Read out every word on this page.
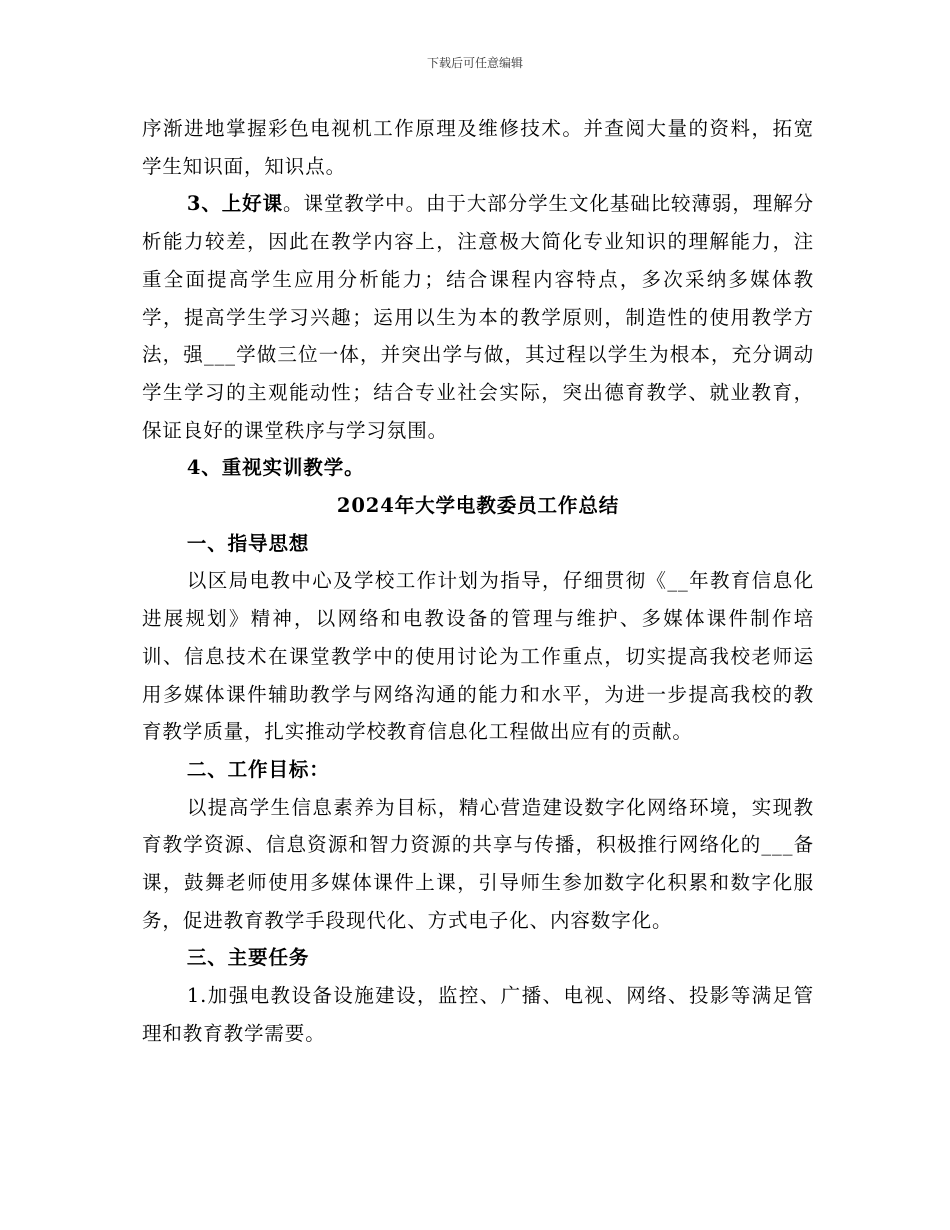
下载后可任意编辑

序渐进地掌握彩色电视机工作原理及维修技术。并查阅大量的资料，拓宽学生知识面，知识点。

3、上好课。课堂教学中。由于大部分学生文化基础比较薄弱，理解分析能力较差，因此在教学内容上，注意极大简化专业知识的理解能力，注重全面提高学生应用分析能力；结合课程内容特点，多次采纳多媒体教学，提高学生学习兴趣；运用以生为本的教学原则，制造性的使用教学方法，强___学做三位一体，并突出学与做，其过程以学生为根本，充分调动学生学习的主观能动性；结合专业社会实际，突出德育教学、就业教育，保证良好的课堂秩序与学习氛围。

4、重视实训教学。

2024年大学电教委员工作总结
一、指导思想

以区局电教中心及学校工作计划为指导，仔细贯彻《__年教育信息化进展规划》精神，以网络和电教设备的管理与维护、多媒体课件制作培训、信息技术在课堂教学中的使用讨论为工作重点，切实提高我校老师运用多媒体课件辅助教学与网络沟通的能力和水平，为进一步提高我校的教育教学质量，扎实推动学校教育信息化工程做出应有的贡献。

二、工作目标：

以提高学生信息素养为目标，精心营造建设数字化网络环境，实现教育教学资源、信息资源和智力资源的共享与传播，积极推行网络化的___备课，鼓舞老师使用多媒体课件上课，引导师生参加数字化积累和数字化服务，促进教育教学手段现代化、方式电子化、内容数字化。

三、主要任务

1.加强电教设备设施建设，监控、广播、电视、网络、投影等满足管理和教育教学需要。
